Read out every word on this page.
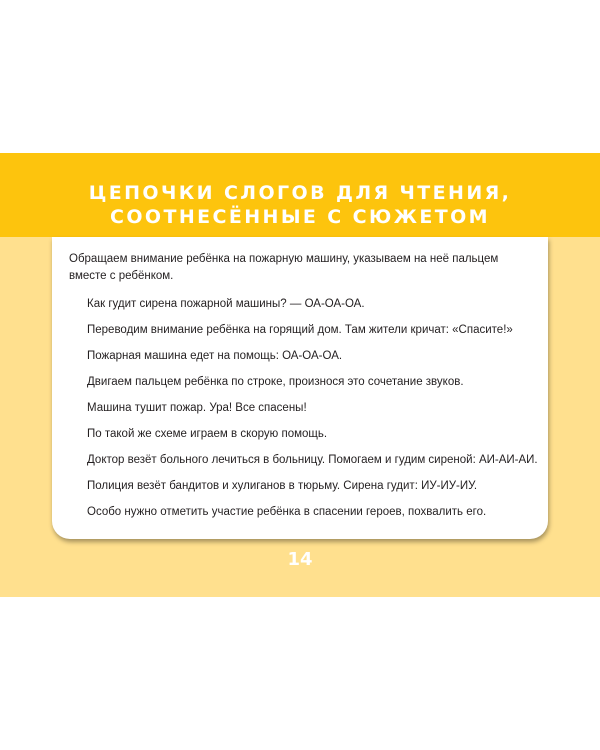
ЦЕПОЧКИ СЛОГОВ ДЛЯ ЧТЕНИЯ,
СООТНЕСЁННЫЕ С СЮЖЕТОМ

Обращаем внимание ребёнка на пожарную машину, указываем на неё пальцем вместе с ребёнком.

Как гудит сирена пожарной машины? — ОА-ОА-ОА.
Переводим внимание ребёнка на горящий дом. Там жители кричат: «Спасите!»
Пожарная машина едет на помощь: ОА-ОА-ОА.
Двигаем пальцем ребёнка по строке, произнося это сочетание звуков.
Машина тушит пожар. Ура! Все спасены!
По такой же схеме играем в скорую помощь.
Доктор везёт больного лечиться в больницу. Помогаем и гудим сиреной: АИ-АИ-АИ.
Полиция везёт бандитов и хулиганов в тюрьму. Сирена гудит: ИУ-ИУ-ИУ.
Особо нужно отметить участие ребёнка в спасении героев, похвалить его.
14
